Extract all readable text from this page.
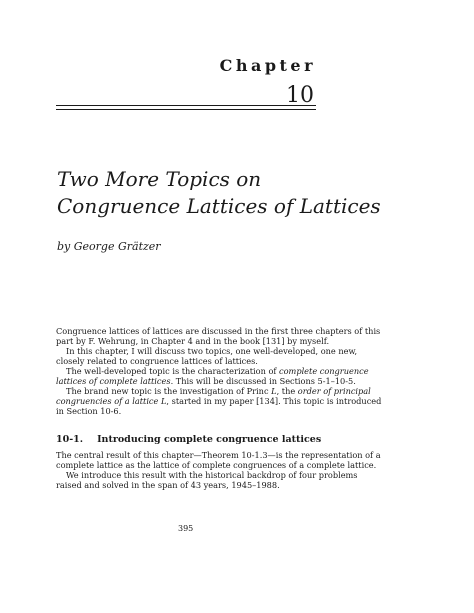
Chapter
10
Two More Topics on
Congruence Lattices of Lattices
by George Grätzer
Congruence lattices of lattices are discussed in the first three chapters of this
part by F. Wehrung, in Chapter 4 and in the book [131] by myself.
In this chapter, I will discuss two topics, one well-developed, one new,
closely related to congruence lattices of lattices.
The well-developed topic is the characterization of complete congruence
lattices of complete lattices. This will be discussed in Sections 5-1–10-5.
The brand new topic is the investigation of Princ L, the order of principal
congruencies of a lattice L, started in my paper [134]. This topic is introduced
in Section 10-6.
10-1. Introducing complete congruence lattices
The central result of this chapter—Theorem 10-1.3—is the representation of a
complete lattice as the lattice of complete congruences of a complete lattice.
We introduce this result with the historical backdrop of four problems
raised and solved in the span of 43 years, 1945–1988.
395
